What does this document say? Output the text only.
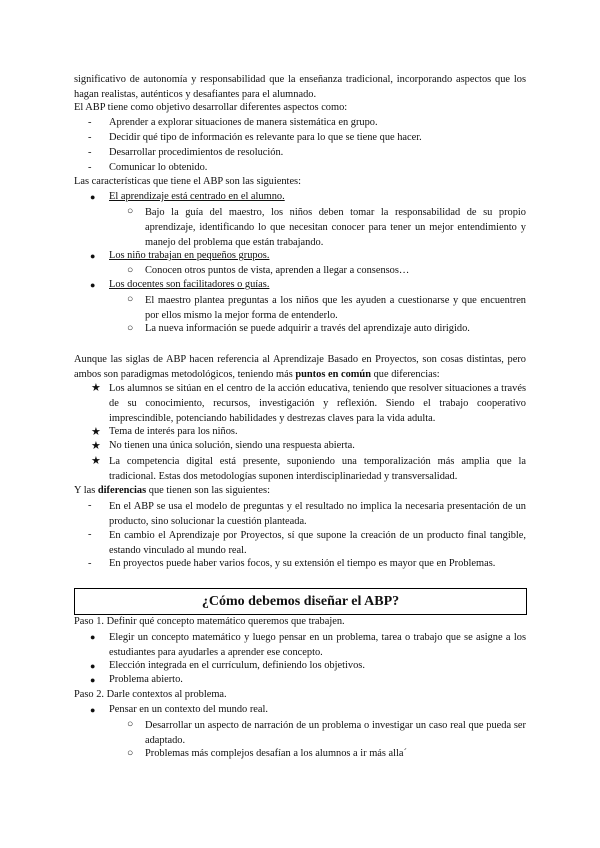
significativo de autonomía y responsabilidad que la enseñanza tradicional, incorporando aspectos que los hagan realistas, auténticos y desafiantes para el alumnado.

El ABP tiene como objetivo desarrollar diferentes aspectos como:

- Aprender a explorar situaciones de manera sistemática en grupo.

- Decidir qué tipo de información es relevante para lo que se tiene que hacer.

- Desarrollar procedimientos de resolución.

- Comunicar lo obtenido.

Las características que tiene el ABP son las siguientes:

● El aprendizaje está centrado en el alumno.

○ Bajo la guía del maestro, los niños deben tomar la responsabilidad de su propio aprendizaje, identificando lo que necesitan conocer para tener un mejor entendimiento y manejo del problema que están trabajando.

● Los niño trabajan en pequeños grupos.

○ Conocen otros puntos de vista, aprenden a llegar a consensos…

● Los docentes son facilitadores o guías.

○ El maestro plantea preguntas a los niños que les ayuden a cuestionarse y que encuentren por ellos mismo la mejor forma de entenderlo.

○ La nueva información se puede adquirir a través del aprendizaje auto dirigido.

Aunque las siglas de ABP hacen referencia al Aprendizaje Basado en Proyectos, son cosas distintas, pero ambos son paradigmas metodológicos, teniendo más puntos en común que diferencias:

★ Los alumnos se sitúan en el centro de la acción educativa, teniendo que resolver situaciones a través de su conocimiento, recursos, investigación y reflexión. Siendo el trabajo cooperativo imprescindible, potenciando habilidades y destrezas claves para la vida adulta.

★ Tema de interés para los niños.

★ No tienen una única solución, siendo una respuesta abierta.

★ La competencia digital está presente, suponiendo una temporalización más amplia que la tradicional. Estas dos metodologías suponen interdisciplinariedad y transversalidad.

Y las diferencias que tienen son las siguientes:

- En el ABP se usa el modelo de preguntas y el resultado no implica la necesaria presentación de un producto, sino solucionar la cuestión planteada.

- En cambio el Aprendizaje por Proyectos, sí que supone la creación de un producto final tangible, estando vinculado al mundo real.

- En proyectos puede haber varios focos, y su extensión el tiempo es mayor que en Problemas.

¿Cómo debemos diseñar el ABP?

Paso 1. Definir qué concepto matemático queremos que trabajen.

● Elegir un concepto matemático y luego pensar en un problema, tarea o trabajo que se asigne a los estudiantes para ayudarles a aprender ese concepto.

● Elección integrada en el currículum, definiendo los objetivos.

● Problema abierto.

Paso 2. Darle contextos al problema.

● Pensar en un contexto del mundo real.

○ Desarrollar un aspecto de narración de un problema o investigar un caso real que pueda ser adaptado.

○ Problemas más complejos desafían a los alumnos a ir más alla´
